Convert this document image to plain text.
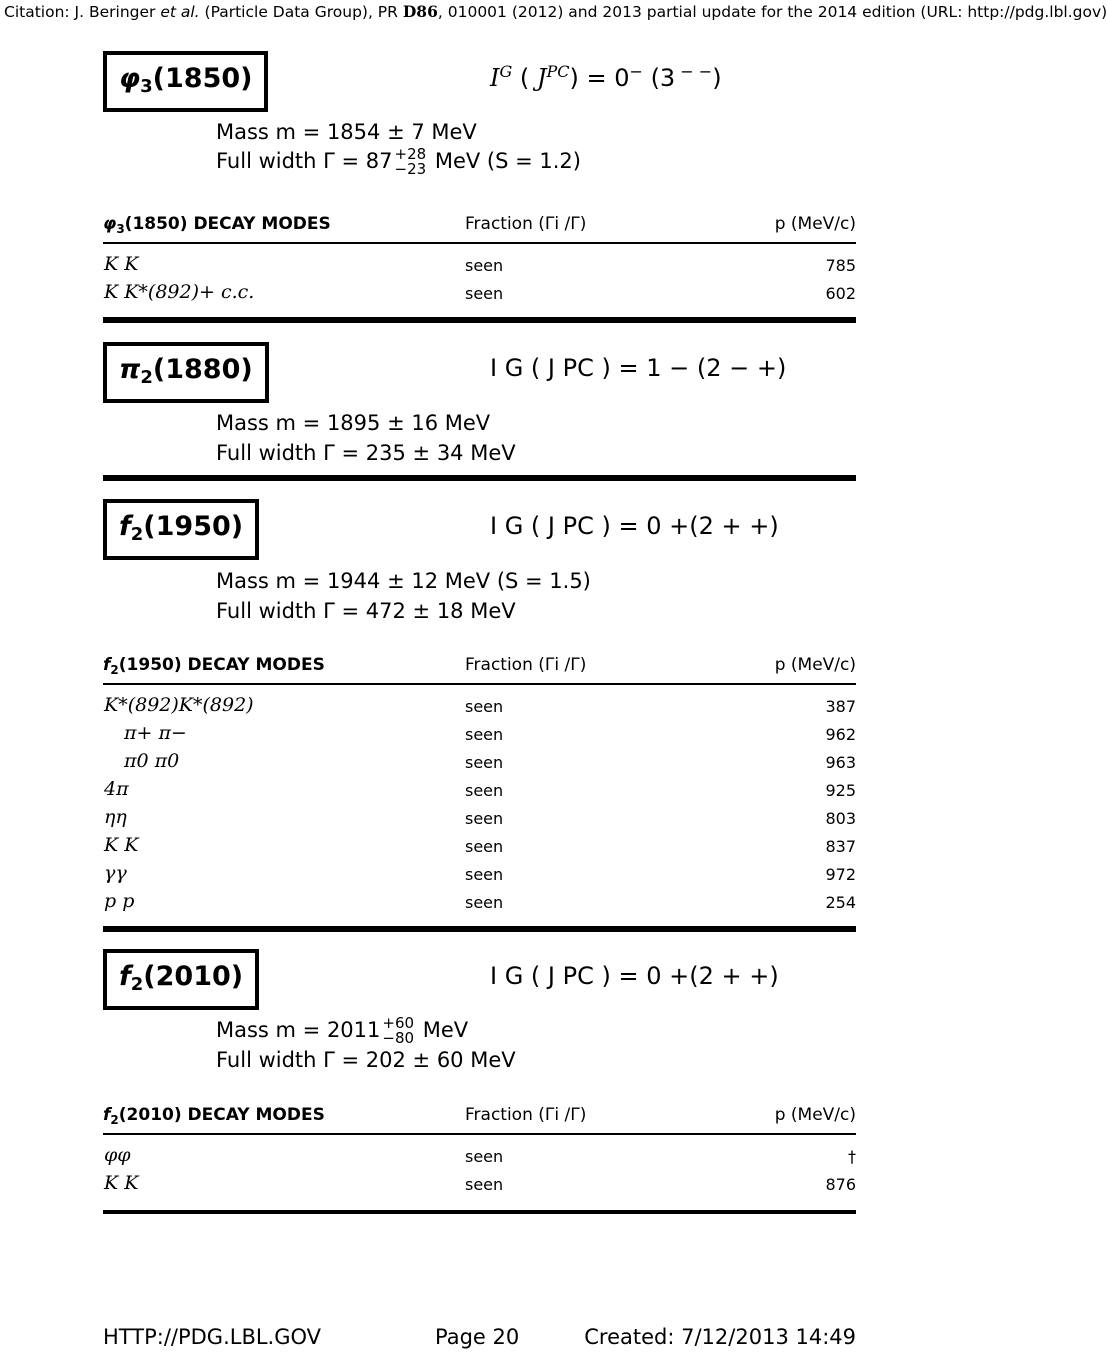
Citation: J. Beringer et al. (Particle Data Group), PR D86, 010001 (2012) and 2013 partial update for the 2014 edition (URL: http://pdg.lbl.gov)
$\varphi_3(1850)$	$I^G$ ( $J^{PC}) = 0^-$ (3 − −)
Mass m = 1854 ± 7 MeV
Full width Γ = 87 +28
−23 MeV (S = 1.2)
$\varphi_3(1850)$ DECAY MODES	Fraction (Γi /Γ)	p (MeV/c)
K K	seen	785
K K*(892)+ c.c.	seen	602
$\pi_2(1880)$	I G ( J PC ) = 1 − (2 − +)
Mass m = 1895 ± 16 MeV
Full width Γ = 235 ± 34 MeV
$f_2(1950)$	I G ( J PC ) = 0 +(2 + +)
Mass m = 1944 ± 12 MeV (S = 1.5)
Full width Γ = 472 ± 18 MeV
$f_2(1950)$ DECAY MODES	Fraction (Γi /Γ)	p (MeV/c)
K*(892)K*(892)	seen	387
π+ π−	seen	962
π0 π0	seen	963
4π	seen	925
ηη	seen	803
K K	seen	837
γγ	seen	972
p p	seen	254
$f_2(2010)$	I G ( J PC ) = 0 +(2 + +)
Mass m = 2011 +60
−80 MeV
Full width Γ = 202 ± 60 MeV
$f_2(2010)$ DECAY MODES	Fraction (Γi /Γ)	p (MeV/c)
φφ	seen	†
K K	seen	876
HTTP://PDG.LBL.GOV	Page 20	Created: 7/12/2013 14:49
